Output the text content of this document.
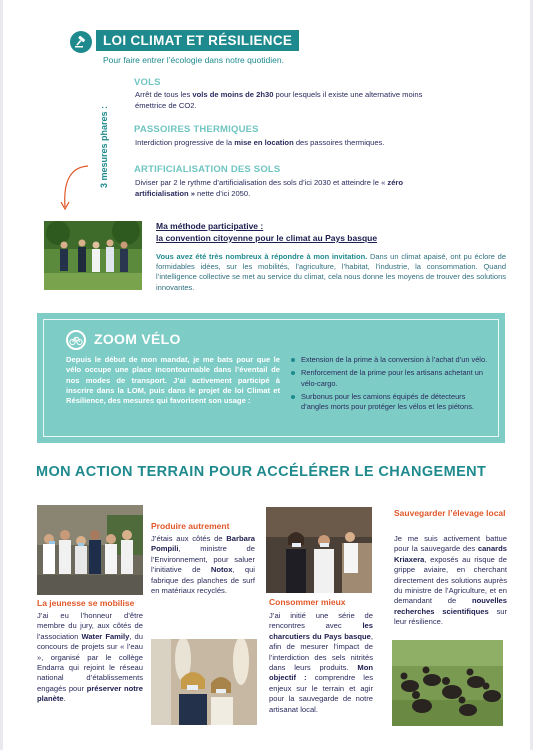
LOI CLIMAT ET RÉSILIENCE
Pour faire entrer l’écologie dans notre quotidien.
3 mesures phares :
VOLS
Arrêt de tous les vols de moins de 2h30 pour lesquels il existe une alternative moins émettrice de CO2.
PASSOIRES THERMIQUES
Interdiction progressive de la mise en location des passoires thermiques.
ARTIFICIALISATION DES SOLS
Diviser par 2 le rythme d’artificialisation des sols d’ici 2030 et atteindre le « zéro artificialisation » nette d’ici 2050.
Ma méthode participative :
la convention citoyenne pour le climat au Pays basque
Vous avez été très nombreux à répondre à mon invitation. Dans un climat apaisé, ont pu éclore de formidables idées, sur les mobilités, l’agriculture, l’habitat, l’industrie, la consommation. Quand l’intelligence collective se met au service du climat, cela nous donne les moyens de trouver des solutions innovantes.
ZOOM VÉLO
Depuis le début de mon mandat, je me bats pour que le vélo occupe une place incontournable dans l’éventail de nos modes de transport. J’ai activement participé à inscrire dans la LOM, puis dans le projet de loi Climat et Résilience, des mesures qui favorisent son usage :
Extension de la prime à la conversion à l’achat d’un vélo.
Renforcement de la prime pour les artisans achetant un vélo-cargo.
Surbonus pour les camions équipés de détecteurs d’angles morts pour protéger les vélos et les piétons.
MON ACTION TERRAIN POUR ACCÉLÉRER LE CHANGEMENT
La jeunesse se mobilise
J’ai eu l’honneur d’être membre du jury, aux côtés de l’association Water Family, du concours de projets sur « l’eau », organisé par le collège Endarra qui rejoint le réseau national d’établissements engagés pour préserver notre planète.
Produire autrement
J’étais aux côtés de Barbara Pompili, ministre de l’Environnement, pour saluer l’initiative de Notox, qui fabrique des planches de surf en matériaux recyclés.
Consommer mieux
J’ai initié une série de rencontres avec les charcutiers du Pays basque, afin de mesurer l’impact de l’interdiction des sels nitrités dans leurs produits. Mon objectif : comprendre les enjeux sur le terrain et agir pour la sauvegarde de notre artisanat local.
Sauvegarder l’élevage local
Je me suis activement battue pour la sauvegarde des canards Kriaxera, exposés au risque de grippe aviaire, en cherchant directement des solutions auprès du ministre de l’Agriculture, et en demandant de nouvelles recherches scientifiques sur leur résilience.
